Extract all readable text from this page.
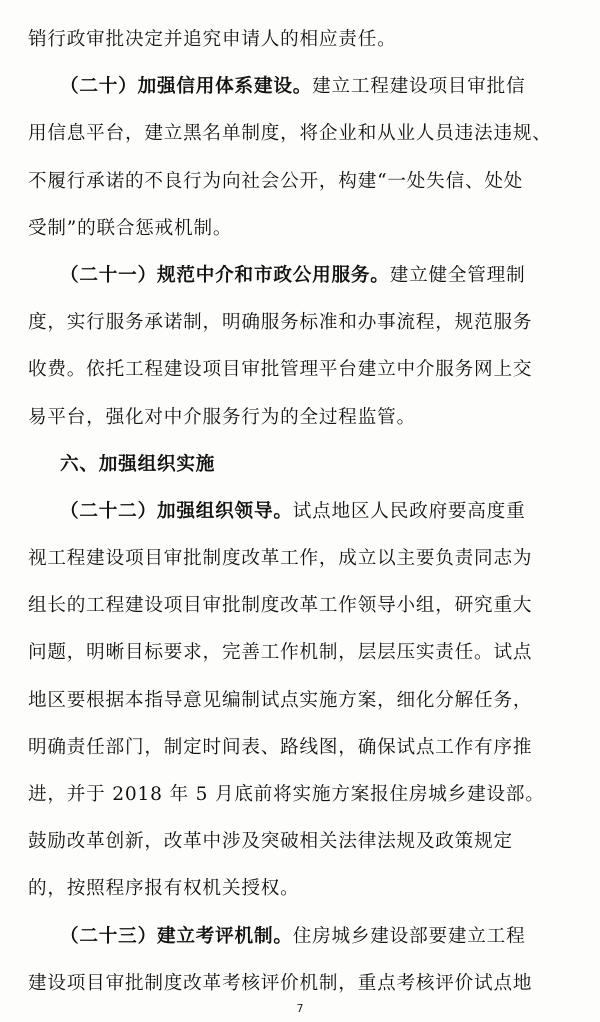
销行政审批决定并追究申请人的相应责任。
（二十）加强信用体系建设。建立工程建设项目审批信
用信息平台，建立黑名单制度，将企业和从业人员违法违规、
不履行承诺的不良行为向社会公开，构建“一处失信、处处
受制”的联合惩戒机制。
（二十一）规范中介和市政公用服务。建立健全管理制
度，实行服务承诺制，明确服务标准和办事流程，规范服务
收费。依托工程建设项目审批管理平台建立中介服务网上交
易平台，强化对中介服务行为的全过程监管。
六、加强组织实施
（二十二）加强组织领导。试点地区人民政府要高度重
视工程建设项目审批制度改革工作，成立以主要负责同志为
组长的工程建设项目审批制度改革工作领导小组，研究重大
问题，明晰目标要求，完善工作机制，层层压实责任。试点
地区要根据本指导意见编制试点实施方案，细化分解任务，
明确责任部门，制定时间表、路线图，确保试点工作有序推
进，并于 2018 年 5 月底前将实施方案报住房城乡建设部。
鼓励改革创新，改革中涉及突破相关法律法规及政策规定
的，按照程序报有权机关授权。
（二十三）建立考评机制。住房城乡建设部要建立工程
建设项目审批制度改革考核评价机制，重点考核评价试点地
7
